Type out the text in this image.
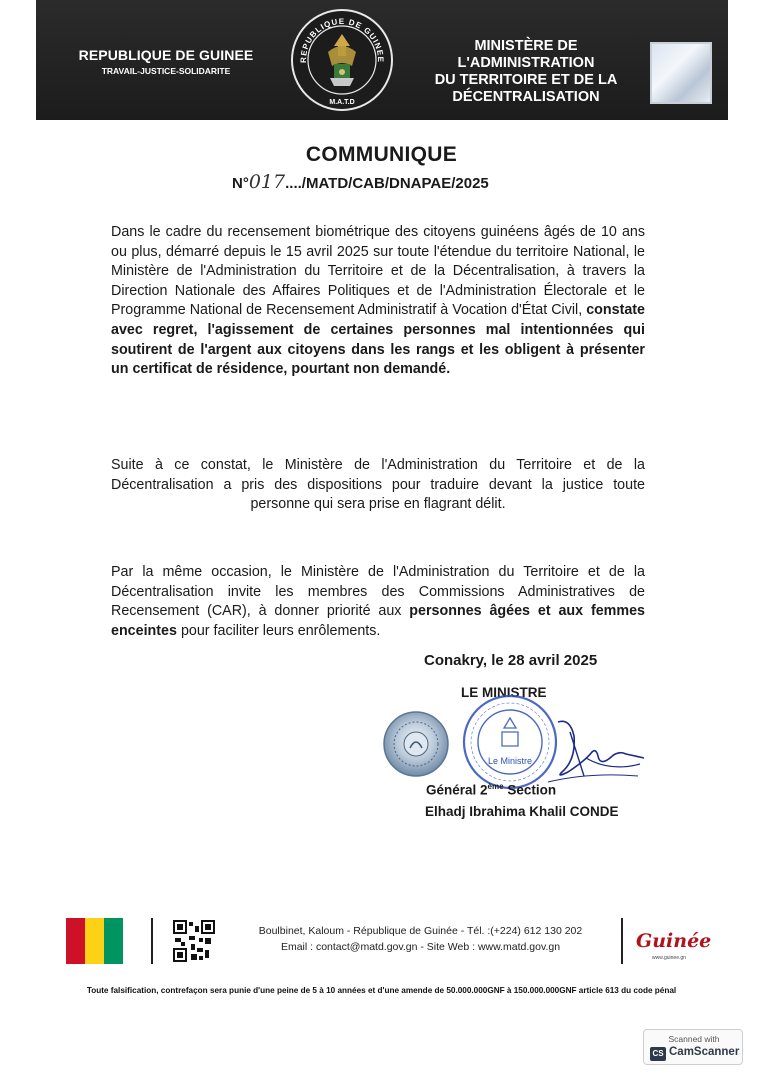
REPUBLIQUE DE GUINEE
TRAVAIL-JUSTICE-SOLIDARITE
REPUBLIQUE DE GUINEE
M.A.T.D
MINISTÈRE DE L'ADMINISTRATION
DU TERRITOIRE ET DE LA
DÉCENTRALISATION
COMMUNIQUE
N°017..../MATD/CAB/DNAPAE/2025
Dans le cadre du recensement biométrique des citoyens guinéens âgés de 10 ans ou plus, démarré depuis le 15 avril 2025 sur toute l'étendue du territoire National, le Ministère de l'Administration du Territoire et de la Décentralisation, à travers la Direction Nationale des Affaires Politiques et de l'Administration Électorale et le Programme National de Recensement Administratif à Vocation d'État Civil, constate avec regret, l'agissement de certaines personnes mal intentionnées qui soutirent de l'argent aux citoyens dans les rangs et les obligent à présenter un certificat de résidence, pourtant non demandé.
Suite à ce constat, le Ministère de l'Administration du Territoire et de la Décentralisation a pris des dispositions pour traduire devant la justice toute personne qui sera prise en flagrant délit.
Par la même occasion, le Ministère de l'Administration du Territoire et de la Décentralisation invite les membres des Commissions Administratives de Recensement (CAR), à donner priorité aux personnes âgées et aux femmes enceintes pour faciliter leurs enrôlements.
Conakry, le 28 avril 2025
LE MINISTRE
Le Ministre
Général 2ème Section
Elhadj Ibrahima Khalil CONDE
Boulbinet, Kaloum - République de Guinée - Tél. :(+224) 612 130 202
Email : contact@matd.gov.gn - Site Web : www.matd.gov.gn	Guinée
www.guinee.gn
Toute falsification, contrefaçon sera punie d'une peine de 5 à 10 années et d'une amende de 50.000.000GNF à 150.000.000GNF article 613 du code pénal
Scanned with
CS CamScanner
